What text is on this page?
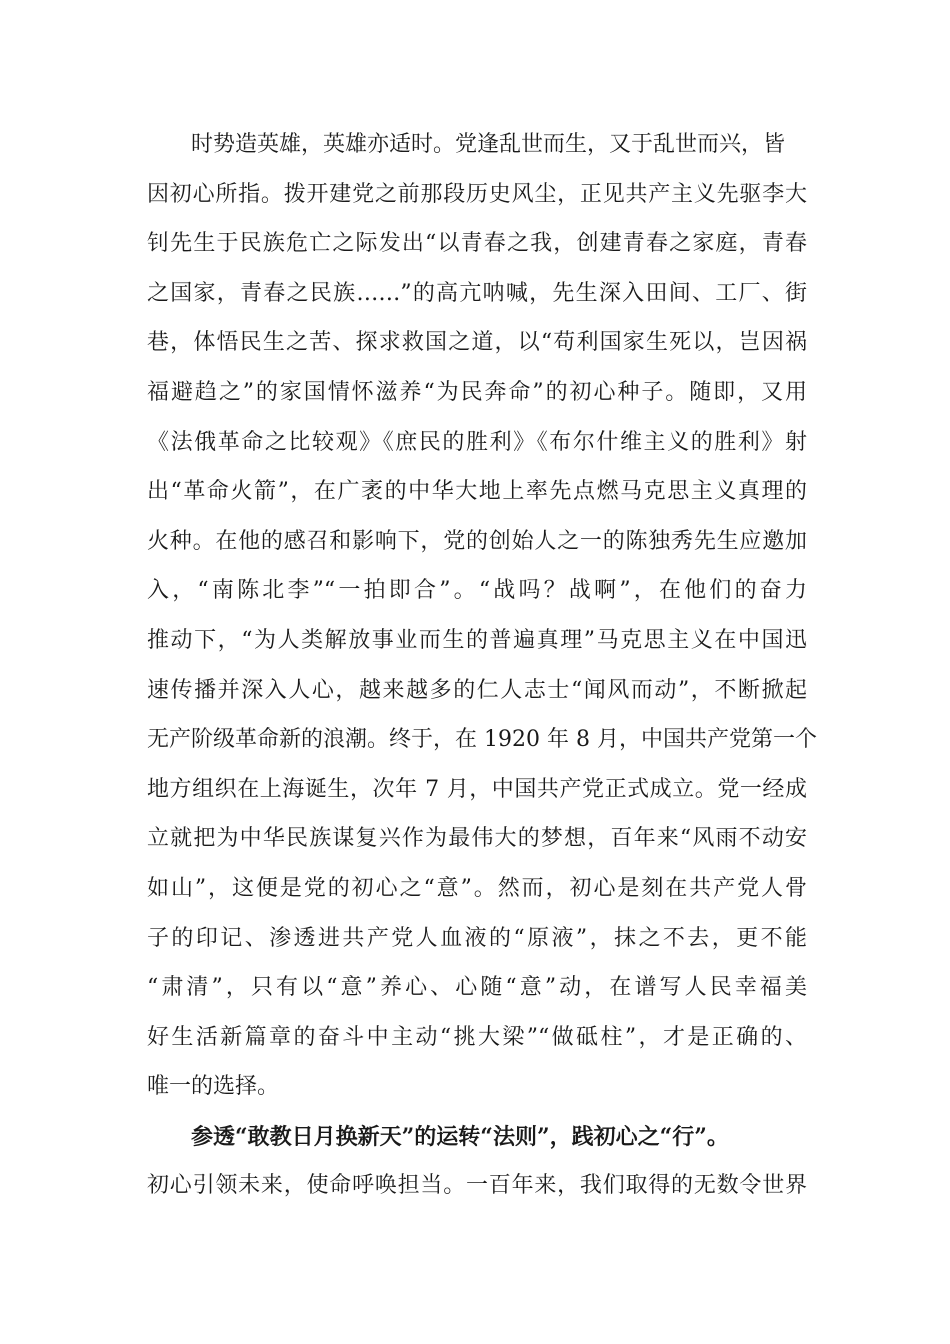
时势造英雄，英雄亦适时。党逢乱世而生，又于乱世而兴，皆
因初心所指。拨开建党之前那段历史风尘，正见共产主义先驱李大
钊先生于民族危亡之际发出“以青春之我，创建青春之家庭，青春
之国家，青春之民族……”的高亢呐喊，先生深入田间、工厂、街
巷，体悟民生之苦、探求救国之道，以“苟利国家生死以，岂因祸
福避趋之”的家国情怀滋养“为民奔命”的初心种子。随即，又用
《法俄革命之比较观》《庶民的胜利》《布尔什维主义的胜利》射
出“革命火箭”，在广袤的中华大地上率先点燃马克思主义真理的
火种。在他的感召和影响下，党的创始人之一的陈独秀先生应邀加
入，“南陈北李”“一拍即合”。“战吗？战啊”，在他们的奋力
推动下，“为人类解放事业而生的普遍真理”马克思主义在中国迅
速传播并深入人心，越来越多的仁人志士“闻风而动”，不断掀起
无产阶级革命新的浪潮。终于，在 1920 年 8 月，中国共产党第一个
地方组织在上海诞生，次年 7 月，中国共产党正式成立。党一经成
立就把为中华民族谋复兴作为最伟大的梦想，百年来“风雨不动安
如山”，这便是党的初心之“意”。然而，初心是刻在共产党人骨
子的印记、渗透进共产党人血液的“原液”，抹之不去，更不能
“肃清”，只有以“意”养心、心随“意”动，在谱写人民幸福美
好生活新篇章的奋斗中主动“挑大梁”“做砥柱”，才是正确的、
唯一的选择。
参透“敢教日月换新天”的运转“法则”，践初心之“行”。
初心引领未来，使命呼唤担当。一百年来，我们取得的无数令世界
